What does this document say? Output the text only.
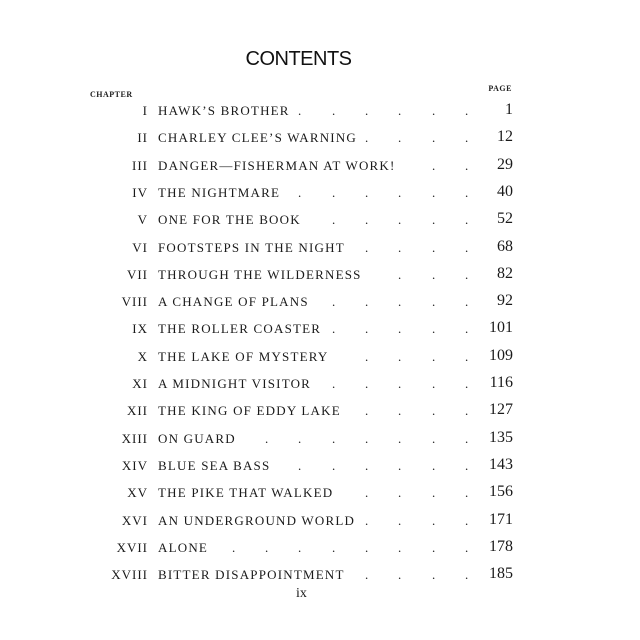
CONTENTS
CHAPTER
PAGE
I HAWK’S BROTHER	1
. . . . . .
II CHARLEY CLEE’S WARNING	12
. . . .
III DANGER—FISHERMAN AT WORK!	29
. .
IV THE NIGHTMARE	40
. . . . . .
V ONE FOR THE BOOK	52
. . . . .
VI FOOTSTEPS IN THE NIGHT	68
. . . .
VII THROUGH THE WILDERNESS	82
. . .
VIII A CHANGE OF PLANS	92
. . . . .
IX THE ROLLER COASTER	101
. . . . .
X THE LAKE OF MYSTERY	109
. . . .
XI A MIDNIGHT VISITOR	116
. . . . .
XII THE KING OF EDDY LAKE	127
. . . .
XIII ON GUARD	135
. . . . . . .
XIV BLUE SEA BASS	143
. . . . . .
XV THE PIKE THAT WALKED	156
. . . .
XVI AN UNDERGROUND WORLD	171
. . . .
XVII ALONE	178
. . . . . . . .
XVIII BITTER DISAPPOINTMENT	185
. . . .
ix
